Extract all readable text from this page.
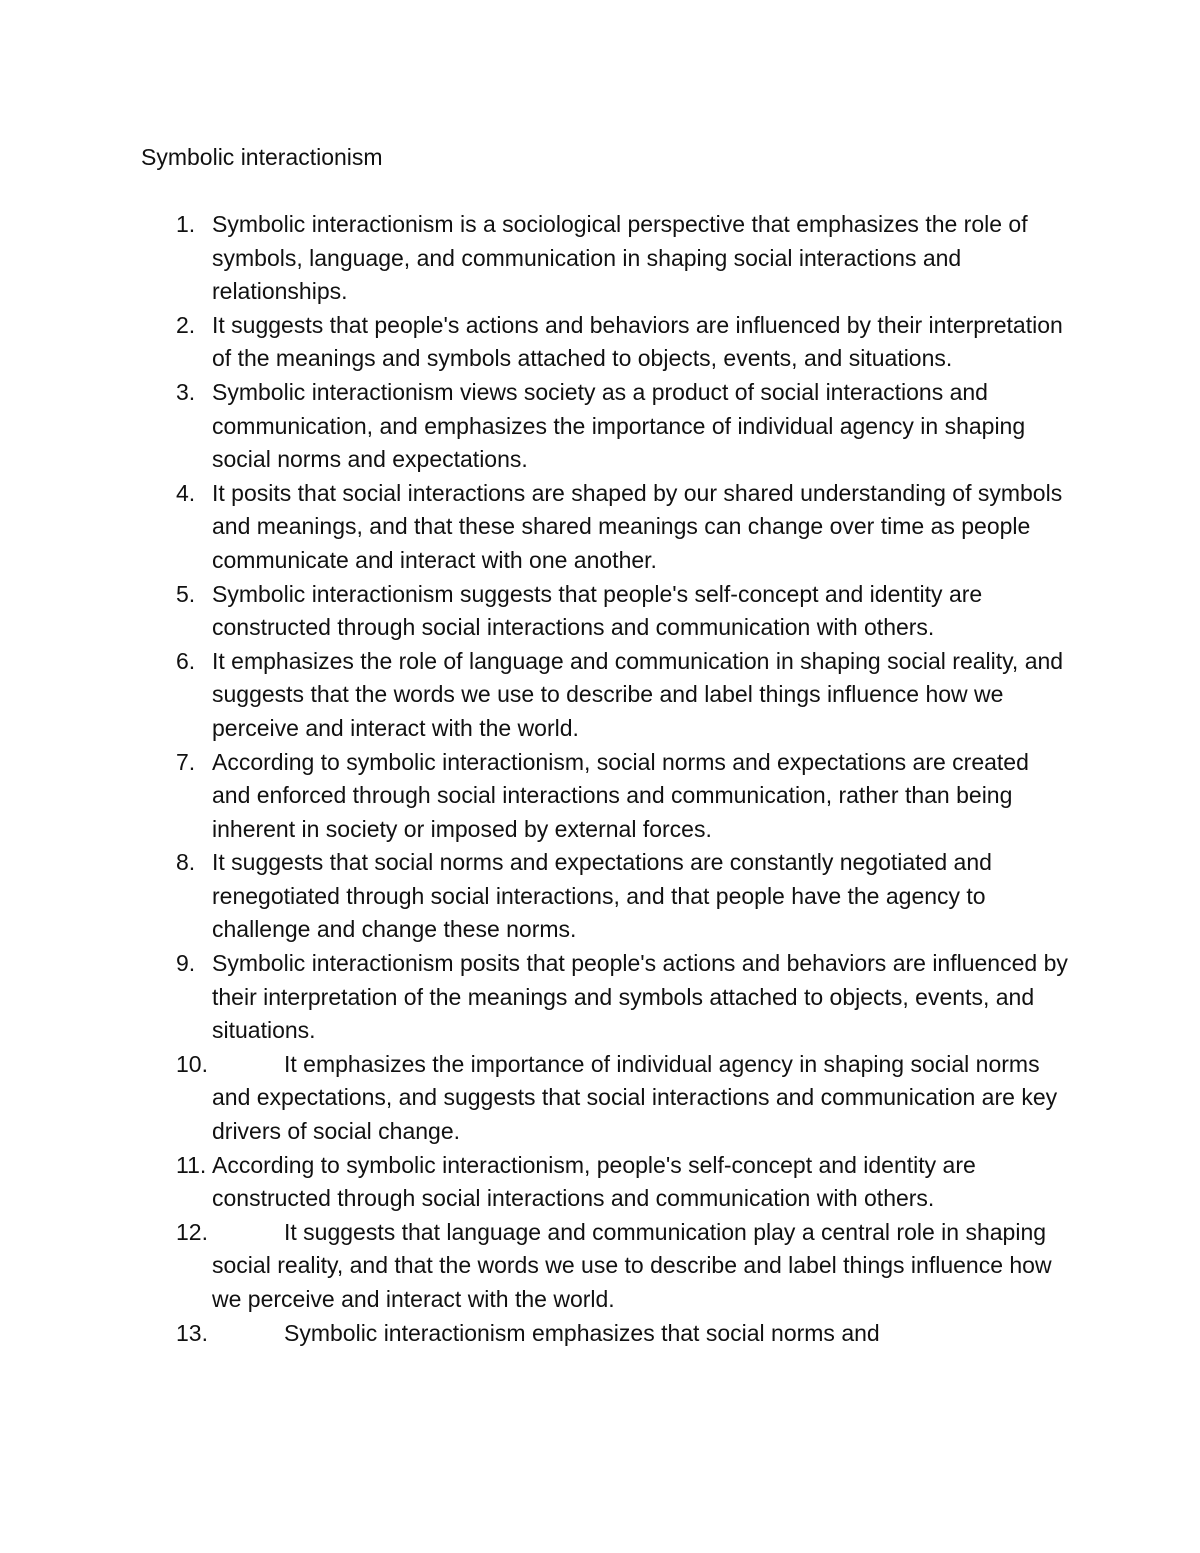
Symbolic interactionism
1. Symbolic interactionism is a sociological perspective that emphasizes the role of symbols, language, and communication in shaping social interactions and relationships.
2. It suggests that people's actions and behaviors are influenced by their interpretation of the meanings and symbols attached to objects, events, and situations.
3. Symbolic interactionism views society as a product of social interactions and communication, and emphasizes the importance of individual agency in shaping social norms and expectations.
4. It posits that social interactions are shaped by our shared understanding of symbols and meanings, and that these shared meanings can change over time as people communicate and interact with one another.
5. Symbolic interactionism suggests that people's self-concept and identity are constructed through social interactions and communication with others.
6. It emphasizes the role of language and communication in shaping social reality, and suggests that the words we use to describe and label things influence how we perceive and interact with the world.
7. According to symbolic interactionism, social norms and expectations are created and enforced through social interactions and communication, rather than being inherent in society or imposed by external forces.
8. It suggests that social norms and expectations are constantly negotiated and renegotiated through social interactions, and that people have the agency to challenge and change these norms.
9. Symbolic interactionism posits that people's actions and behaviors are influenced by their interpretation of the meanings and symbols attached to objects, events, and situations.
10.	It emphasizes the importance of individual agency in shaping social norms and expectations, and suggests that social interactions and communication are key drivers of social change.
11. According to symbolic interactionism, people's self-concept and identity are constructed through social interactions and communication with others.
12.	It suggests that language and communication play a central role in shaping social reality, and that the words we use to describe and label things influence how we perceive and interact with the world.
13.	Symbolic interactionism emphasizes that social norms and
